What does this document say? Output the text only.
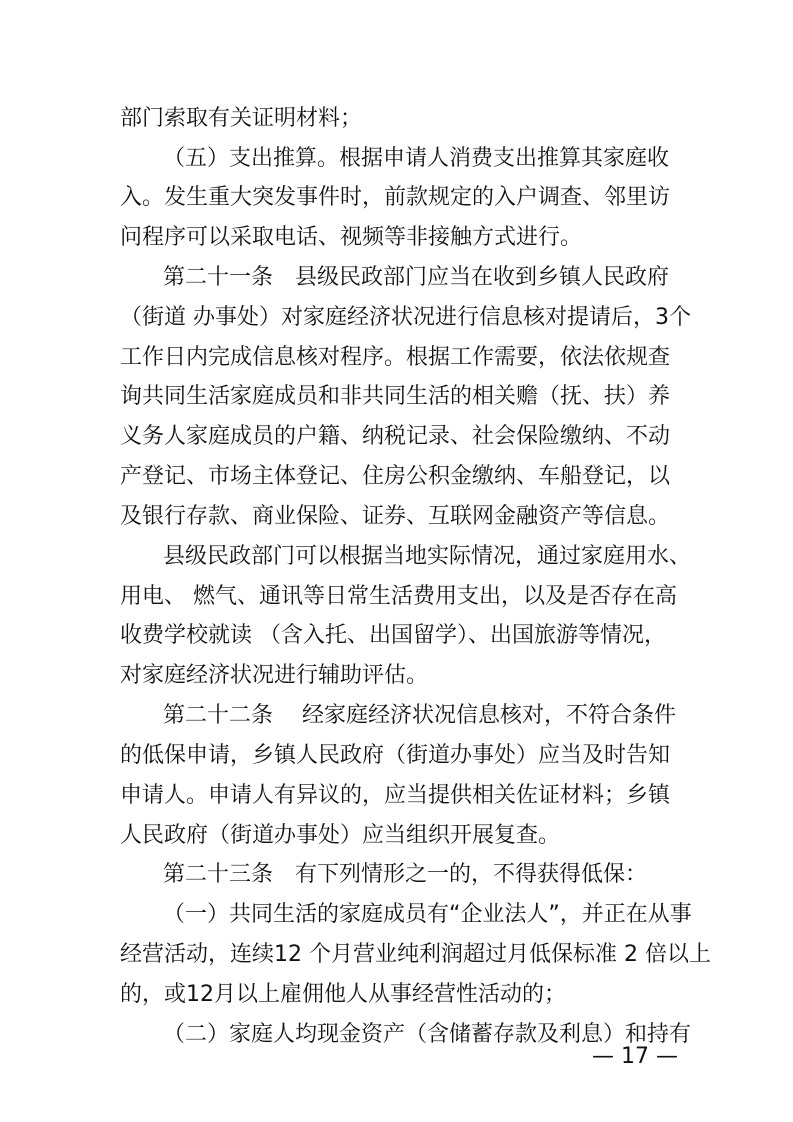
部门索取有关证明材料；
（五）支出推算。根据申请人消费支出推算其家庭收
入。发生重大突发事件时，前款规定的入户调查、邻里访
问程序可以采取电话、视频等非接触方式进行。
第二十一条　县级民政部门应当在收到乡镇人民政府
（街道 办事处）对家庭经济状况进行信息核对提请后，3个
工作日内完成信息核对程序。根据工作需要，依法依规查
询共同生活家庭成员和非共同生活的相关赡（抚、扶）养
义务人家庭成员的户籍、纳税记录、社会保险缴纳、不动
产登记、市场主体登记、住房公积金缴纳、车船登记，以
及银行存款、商业保险、证券、互联网金融资产等信息。
县级民政部门可以根据当地实际情况，通过家庭用水、
用电、 燃气、通讯等日常生活费用支出，以及是否存在高
收费学校就读 （含入托、出国留学）、出国旅游等情况，
对家庭经济状况进行辅助评估。
第二十二条　 经家庭经济状况信息核对，不符合条件
的低保申请，乡镇人民政府（街道办事处）应当及时告知
申请人。申请人有异议的，应当提供相关佐证材料；乡镇
人民政府（街道办事处）应当组织开展复查。
第二十三条　有下列情形之一的，不得获得低保：
（一）共同生活的家庭成员有“企业法人”，并正在从事
经营活动，连续12 个月营业纯利润超过月低保标准 2 倍以上
的，或12月以上雇佣他人从事经营性活动的；
（二）家庭人均现金资产（含储蓄存款及利息）和持有
— 17 —
